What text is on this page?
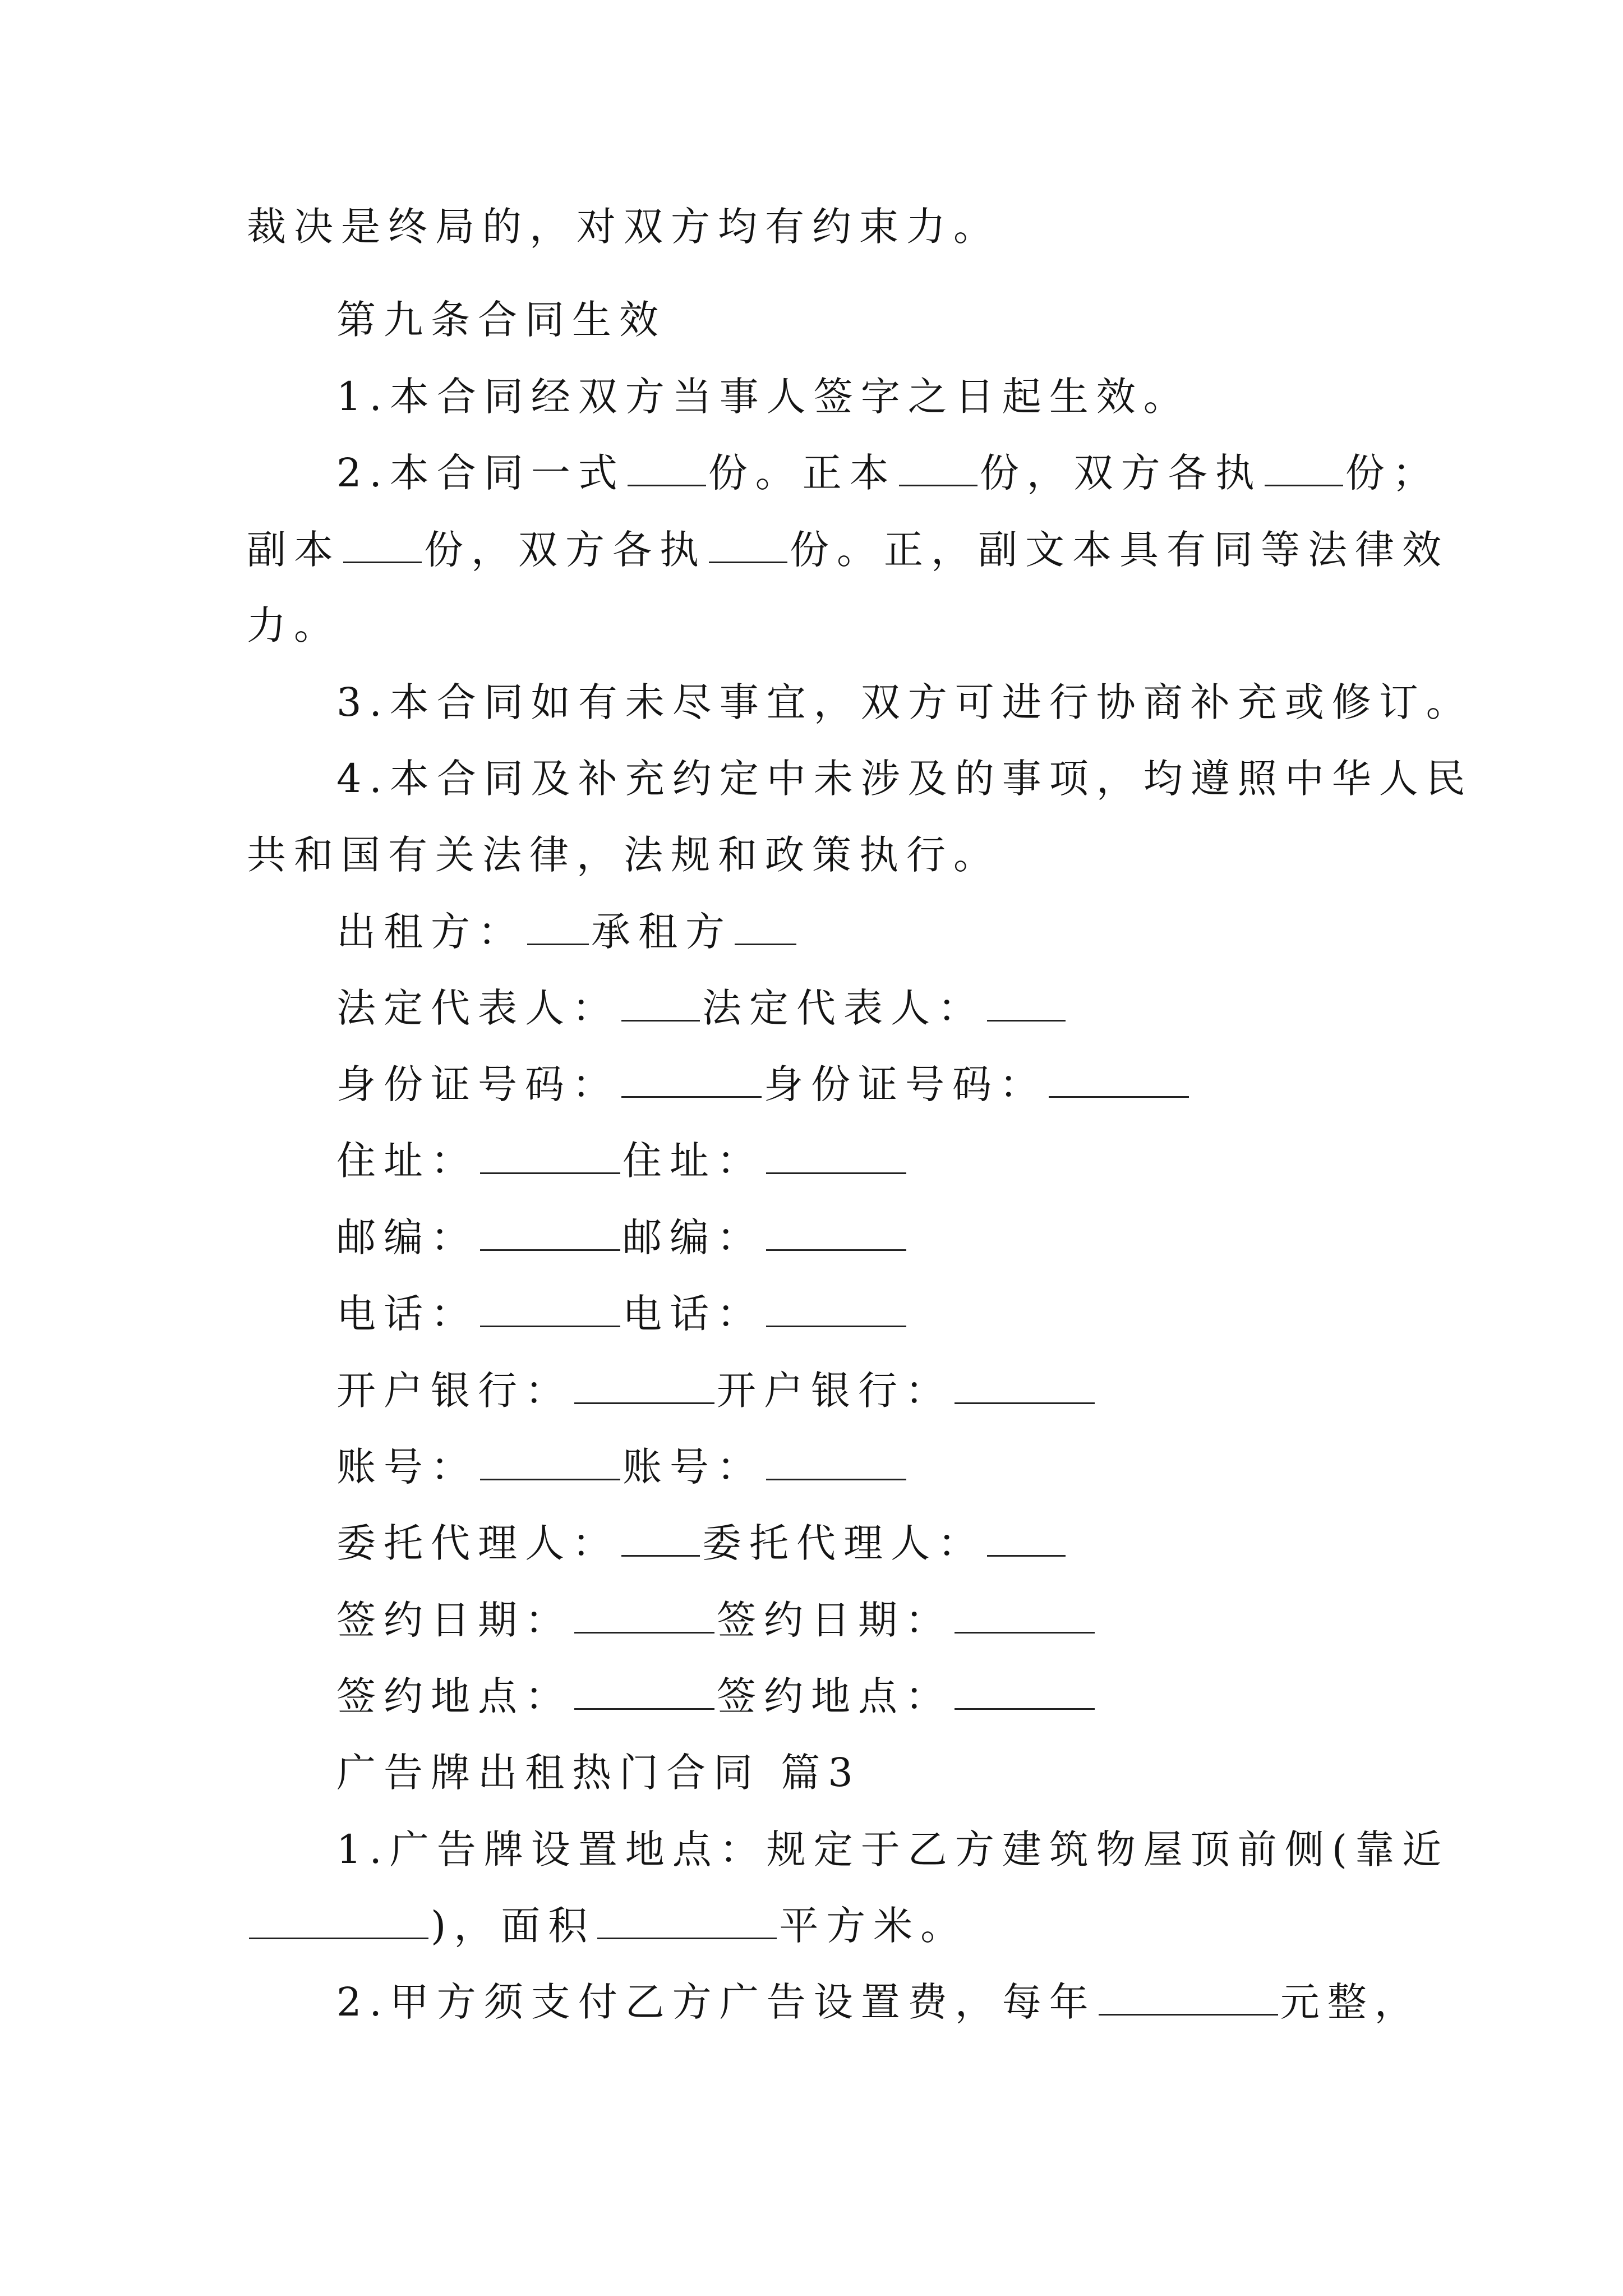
裁决是终局的，对双方均有约束力。
第九条合同生效
1.本合同经双方当事人签字之日起生效。
2.本合同一式 份。正本 份，双方各执 份；
副本 份，双方各执 份。正，副文本具有同等法律效
力。
3.本合同如有未尽事宜，双方可进行协商补充或修订。
4.本合同及补充约定中未涉及的事项，均遵照中华人民
共和国有关法律，法规和政策执行。
出租方： 承租方
法定代表人： 法定代表人：
身份证号码：	身份证号码：
住址：	住址：
邮编：	邮编：
电话：	电话：
开户银行：	开户银行：
账号：	账号：
委托代理人： 委托代理人：
签约日期：	签约日期：
签约地点：	签约地点：
广告牌出租热门合同 篇3
1.广告牌设置地点：规定于乙方建筑物屋顶前侧(靠近
)，面积	平方米。
2.甲方须支付乙方广告设置费，每年	元整，
